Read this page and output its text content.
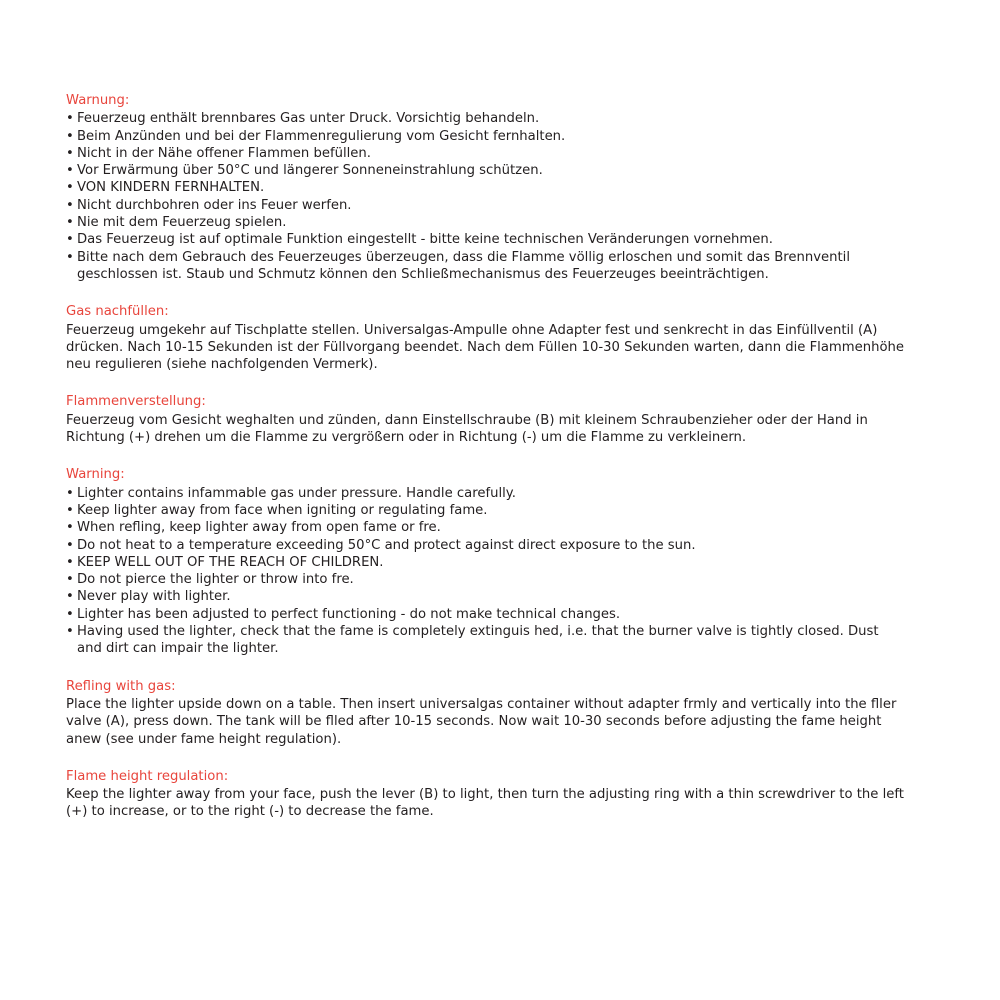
Warnung:
• Feuerzeug enthält brennbares Gas unter Druck. Vorsichtig behandeln.
• Beim Anzünden und bei der Flammenregulierung vom Gesicht fernhalten.
• Nicht in der Nähe offener Flammen befüllen.
• Vor Erwärmung über 50°C und längerer Sonneneinstrahlung schützen.
• VON KINDERN FERNHALTEN.
• Nicht durchbohren oder ins Feuer werfen.
• Nie mit dem Feuerzeug spielen.
• Das Feuerzeug ist auf optimale Funktion eingestellt - bitte keine technischen Veränderungen vornehmen.
• Bitte nach dem Gebrauch des Feuerzeuges überzeugen, dass die Flamme völlig erloschen und somit das Brennventil geschlossen ist. Staub und Schmutz können den Schließmechanismus des Feuerzeuges beeinträchtigen.
Gas nachfüllen:

Feuerzeug umgekehr auf Tischplatte stellen. Universalgas-Ampulle ohne Adapter fest und senkrecht in das Einfüllventil (A) drücken. Nach 10-15 Sekunden ist der Füllvorgang beendet. Nach dem Füllen 10-30 Sekunden warten, dann die Flammenhöhe neu regulieren (siehe nachfolgenden Vermerk).

Flammenverstellung:

Feuerzeug vom Gesicht weghalten und zünden, dann Einstellschraube (B) mit kleinem Schraubenzieher oder der Hand in Richtung (+) drehen um die Flamme zu vergrößern oder in Richtung (-) um die Flamme zu verkleinern.

Warning:
• Lighter contains infammable gas under pressure. Handle carefully.
• Keep lighter away from face when igniting or regulating fame.
• When refling, keep lighter away from open fame or fre.
• Do not heat to a temperature exceeding 50°C and protect against direct exposure to the sun.
• KEEP WELL OUT OF THE REACH OF CHILDREN.
• Do not pierce the lighter or throw into fre.
• Never play with lighter.
• Lighter has been adjusted to perfect functioning - do not make technical changes.
• Having used the lighter, check that the fame is completely extinguis hed, i.e. that the burner valve is tightly closed. Dust and dirt can impair the lighter.
Refling with gas:

Place the lighter upside down on a table. Then insert universalgas container without adapter frmly and vertically into the fller valve (A), press down. The tank will be flled after 10-15 seconds. Now wait 10-30 seconds before adjusting the fame height anew (see under fame height regulation).

Flame height regulation:

Keep the lighter away from your face, push the lever (B) to light, then turn the adjusting ring with a thin screwdriver to the left (+) to increase, or to the right (-) to decrease the fame.
